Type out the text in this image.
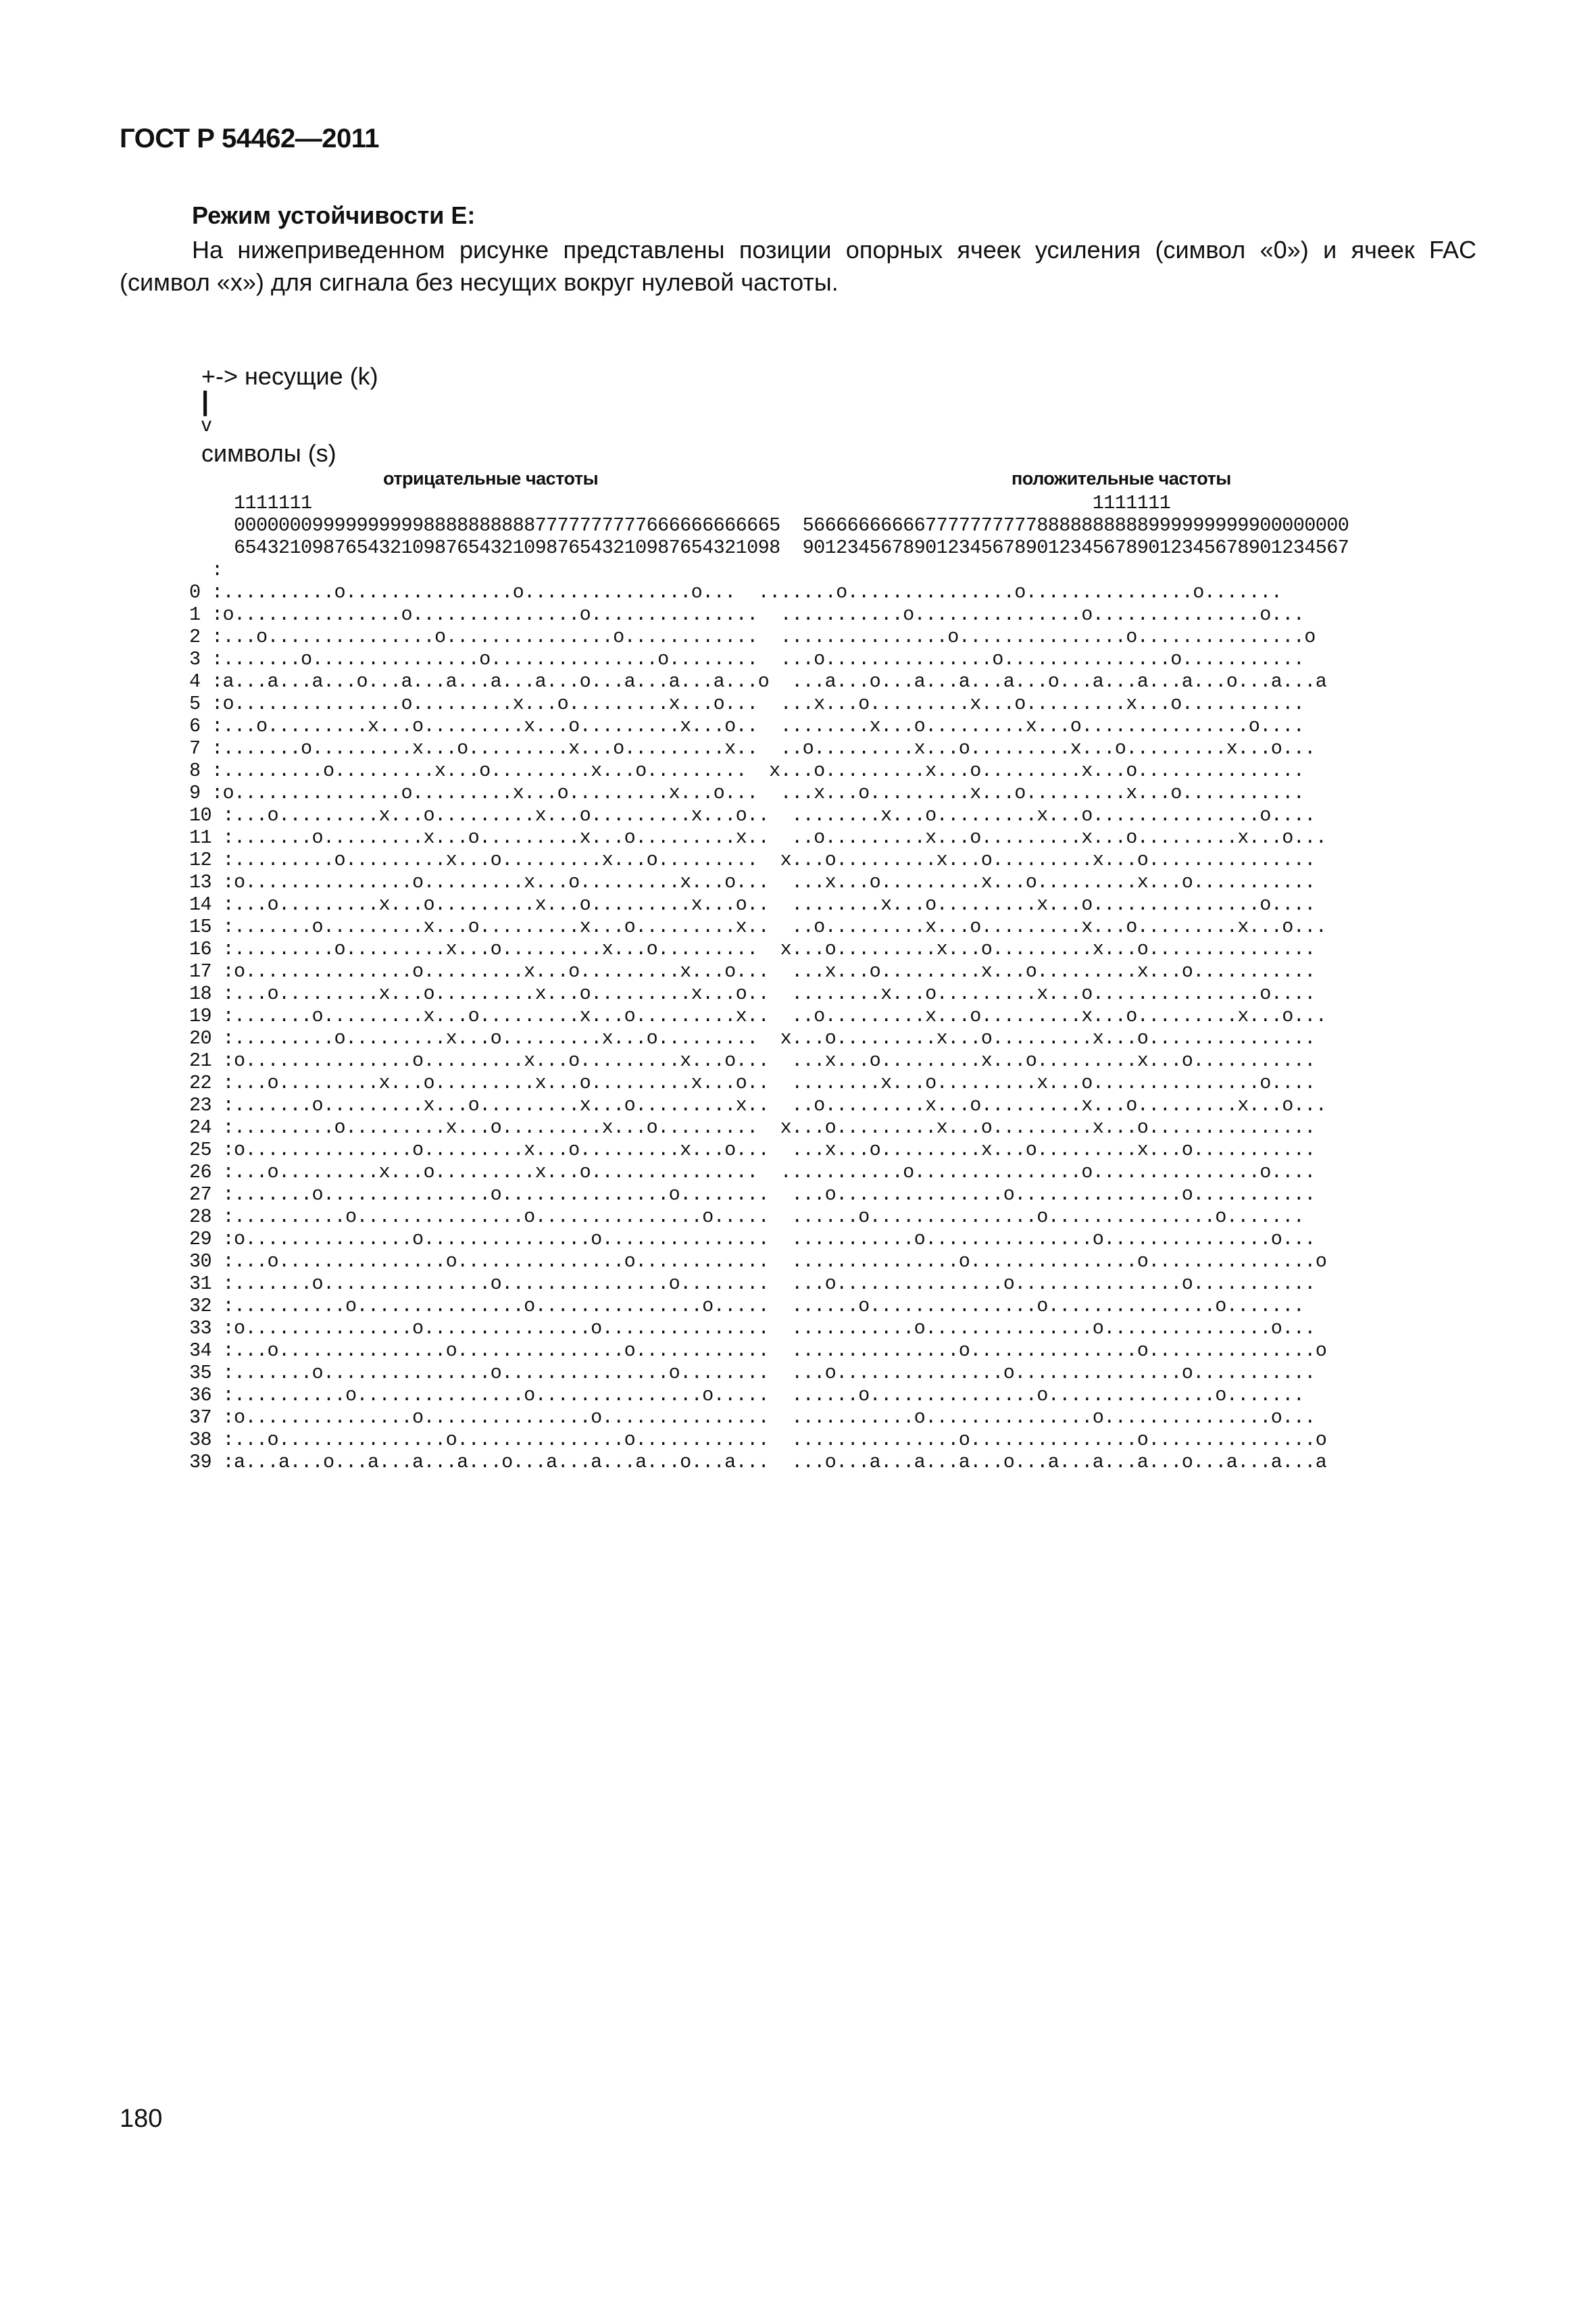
ГОСТ Р 54462—2011
Режим устойчивости E:
На нижеприведенном рисунке представлены позиции опорных ячеек усиления (символ «0») и ячеек FAC
(символ «x») для сигнала без несущих вокруг нулевой частоты.
+-> несущие (k)
|
v
символы (s)
отрицательные частоты	положительные частоты
1111111                                                                      1111111
0000000999999999988888888887777777777666666666665  5666666666677777777778888888888999999999900000000
6543210987654321098765432109876543210987654321098  9012345678901234567890123456789012345678901234567
:
0 :..........o...............o...............o...  .......o...............o...............o.......
1 :o...............o...............o...............  ...........o...............o...............o...
2 :...o...............o...............o............  ...............o...............o...............o
3 :.......o...............o...............o........  ...o...............o...............o...........
4 :a...a...a...o...a...a...a...a...o...a...a...a...o  ...a...o...a...a...a...o...a...a...a...o...a...a
5 :o...............o.........x...o.........x...o...  ...x...o.........x...o.........x...o...........
6 :...o.........x...o.........x...o.........x...o..  ........x...o.........x...o...............o....
7 :.......o.........x...o.........x...o.........x..  ..o.........x...o.........x...o.........x...o...
8 :.........o.........x...o.........x...o.........  x...o.........x...o.........x...o...............
9 :o...............o.........x...o.........x...o...  ...x...o.........x...o.........x...o...........
10 :...o.........x...o.........x...o.........x...o..  ........x...o.........x...o...............o....
11 :.......o.........x...o.........x...o.........x..  ..o.........x...o.........x...o.........x...o...
12 :.........o.........x...o.........x...o.........  x...o.........x...o.........x...o...............
13 :o...............o.........x...o.........x...o...  ...x...o.........x...o.........x...o...........
14 :...o.........x...o.........x...o.........x...o..  ........x...o.........x...o...............o....
15 :.......o.........x...o.........x...o.........x..  ..o.........x...o.........x...o.........x...o...
16 :.........o.........x...o.........x...o.........  x...o.........x...o.........x...o...............
17 :o...............o.........x...o.........x...o...  ...x...o.........x...o.........x...o...........
18 :...o.........x...o.........x...o.........x...o..  ........x...o.........x...o...............o....
19 :.......o.........x...o.........x...o.........x..  ..o.........x...o.........x...o.........x...o...
20 :.........o.........x...o.........x...o.........  x...o.........x...o.........x...o...............
21 :o...............o.........x...o.........x...o...  ...x...o.........x...o.........x...o...........
22 :...o.........x...o.........x...o.........x...o..  ........x...o.........x...o...............o....
23 :.......o.........x...o.........x...o.........x..  ..o.........x...o.........x...o.........x...o...
24 :.........o.........x...o.........x...o.........  x...o.........x...o.........x...o...............
25 :o...............o.........x...o.........x...o...  ...x...o.........x...o.........x...o...........
26 :...o.........x...o.........x...o...............  ...........o...............o...............o....
27 :.......o...............o...............o........  ...o...............o...............o...........
28 :..........o...............o...............o.....  ......o...............o...............o.......
29 :o...............o...............o...............  ...........o...............o...............o...
30 :...o...............o...............o............  ...............o...............o...............o
31 :.......o...............o...............o........  ...o...............o...............o...........
32 :..........o...............o...............o.....  ......o...............o...............o.......
33 :o...............o...............o...............  ...........o...............o...............o...
34 :...o...............o...............o............  ...............o...............o...............o
35 :.......o...............o...............o........  ...o...............o...............o...........
36 :..........o...............o...............o.....  ......o...............o...............o.......
37 :o...............o...............o...............  ...........o...............o...............o...
38 :...o...............o...............o............  ...............o...............o...............o
39 :a...a...o...a...a...a...o...a...a...a...o...a...  ...o...a...a...a...o...a...a...a...o...a...a...a
180
